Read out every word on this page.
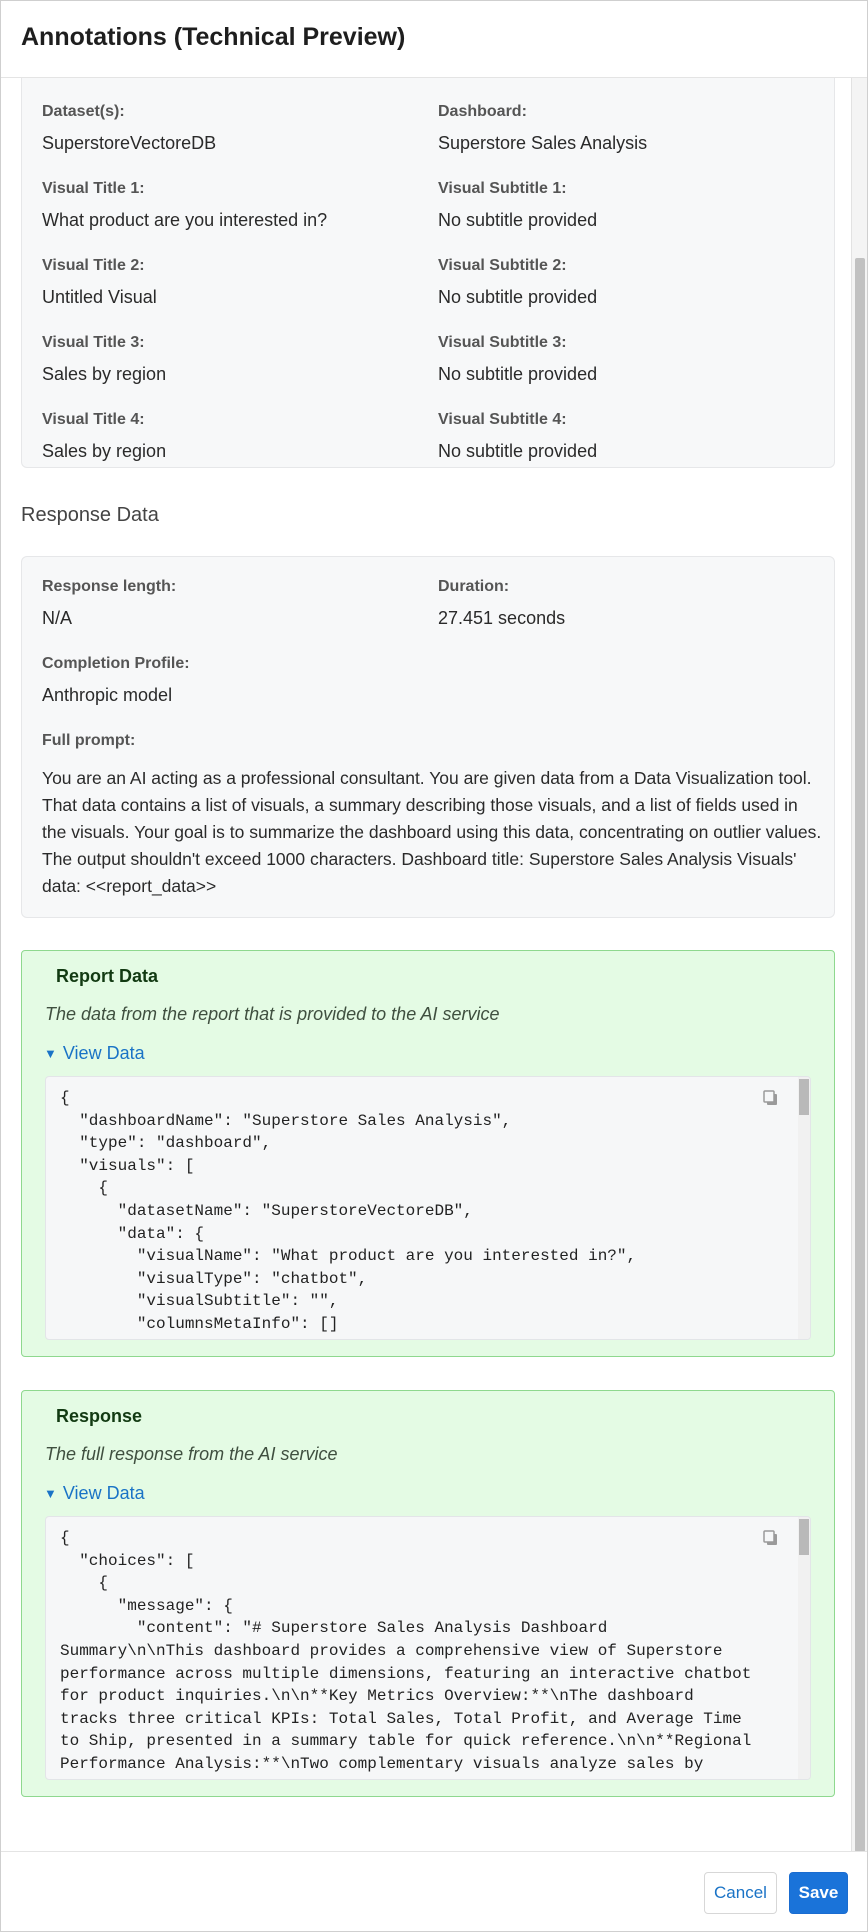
Annotations (Technical Preview)
Dataset(s):
SuperstoreVectoreDB
Dashboard:
Superstore Sales Analysis
Visual Title 1:
What product are you interested in?
Visual Subtitle 1:
No subtitle provided
Visual Title 2:
Untitled Visual
Visual Subtitle 2:
No subtitle provided
Visual Title 3:
Sales by region
Visual Subtitle 3:
No subtitle provided
Visual Title 4:
Sales by region
Visual Subtitle 4:
No subtitle provided
Response Data
Response length:
N/A
Duration:
27.451 seconds
Completion Profile:
Anthropic model
Full prompt:
You are an AI acting as a professional consultant. You are given data from a Data Visualization tool. That data contains a list of visuals, a summary describing those visuals, and a list of fields used in the visuals. Your goal is to summarize the dashboard using this data, concentrating on outlier values. The output shouldn't exceed 1000 characters. Dashboard title: Superstore Sales Analysis Visuals' data: <<report_data>>
Report Data
The data from the report that is provided to the AI service
▼ View Data
{
"dashboardName": "Superstore Sales Analysis",
"type": "dashboard",
"visuals": [
{
"datasetName": "SuperstoreVectoreDB",
"data": {
"visualName": "What product are you interested in?",
"visualType": "chatbot",
"visualSubtitle": "",
"columnsMetaInfo": []
Response
The full response from the AI service
▼ View Data
{
"choices": [
{
"message": {
"content": "# Superstore Sales Analysis Dashboard
Summary\n\nThis dashboard provides a comprehensive view of Superstore
performance across multiple dimensions, featuring an interactive chatbot
for product inquiries.\n\n**Key Metrics Overview:**\nThe dashboard
tracks three critical KPIs: Total Sales, Total Profit, and Average Time
to Ship, presented in a summary table for quick reference.\n\n**Regional
Performance Analysis:**\nTwo complementary visuals analyze sales by
Cancel	Save
